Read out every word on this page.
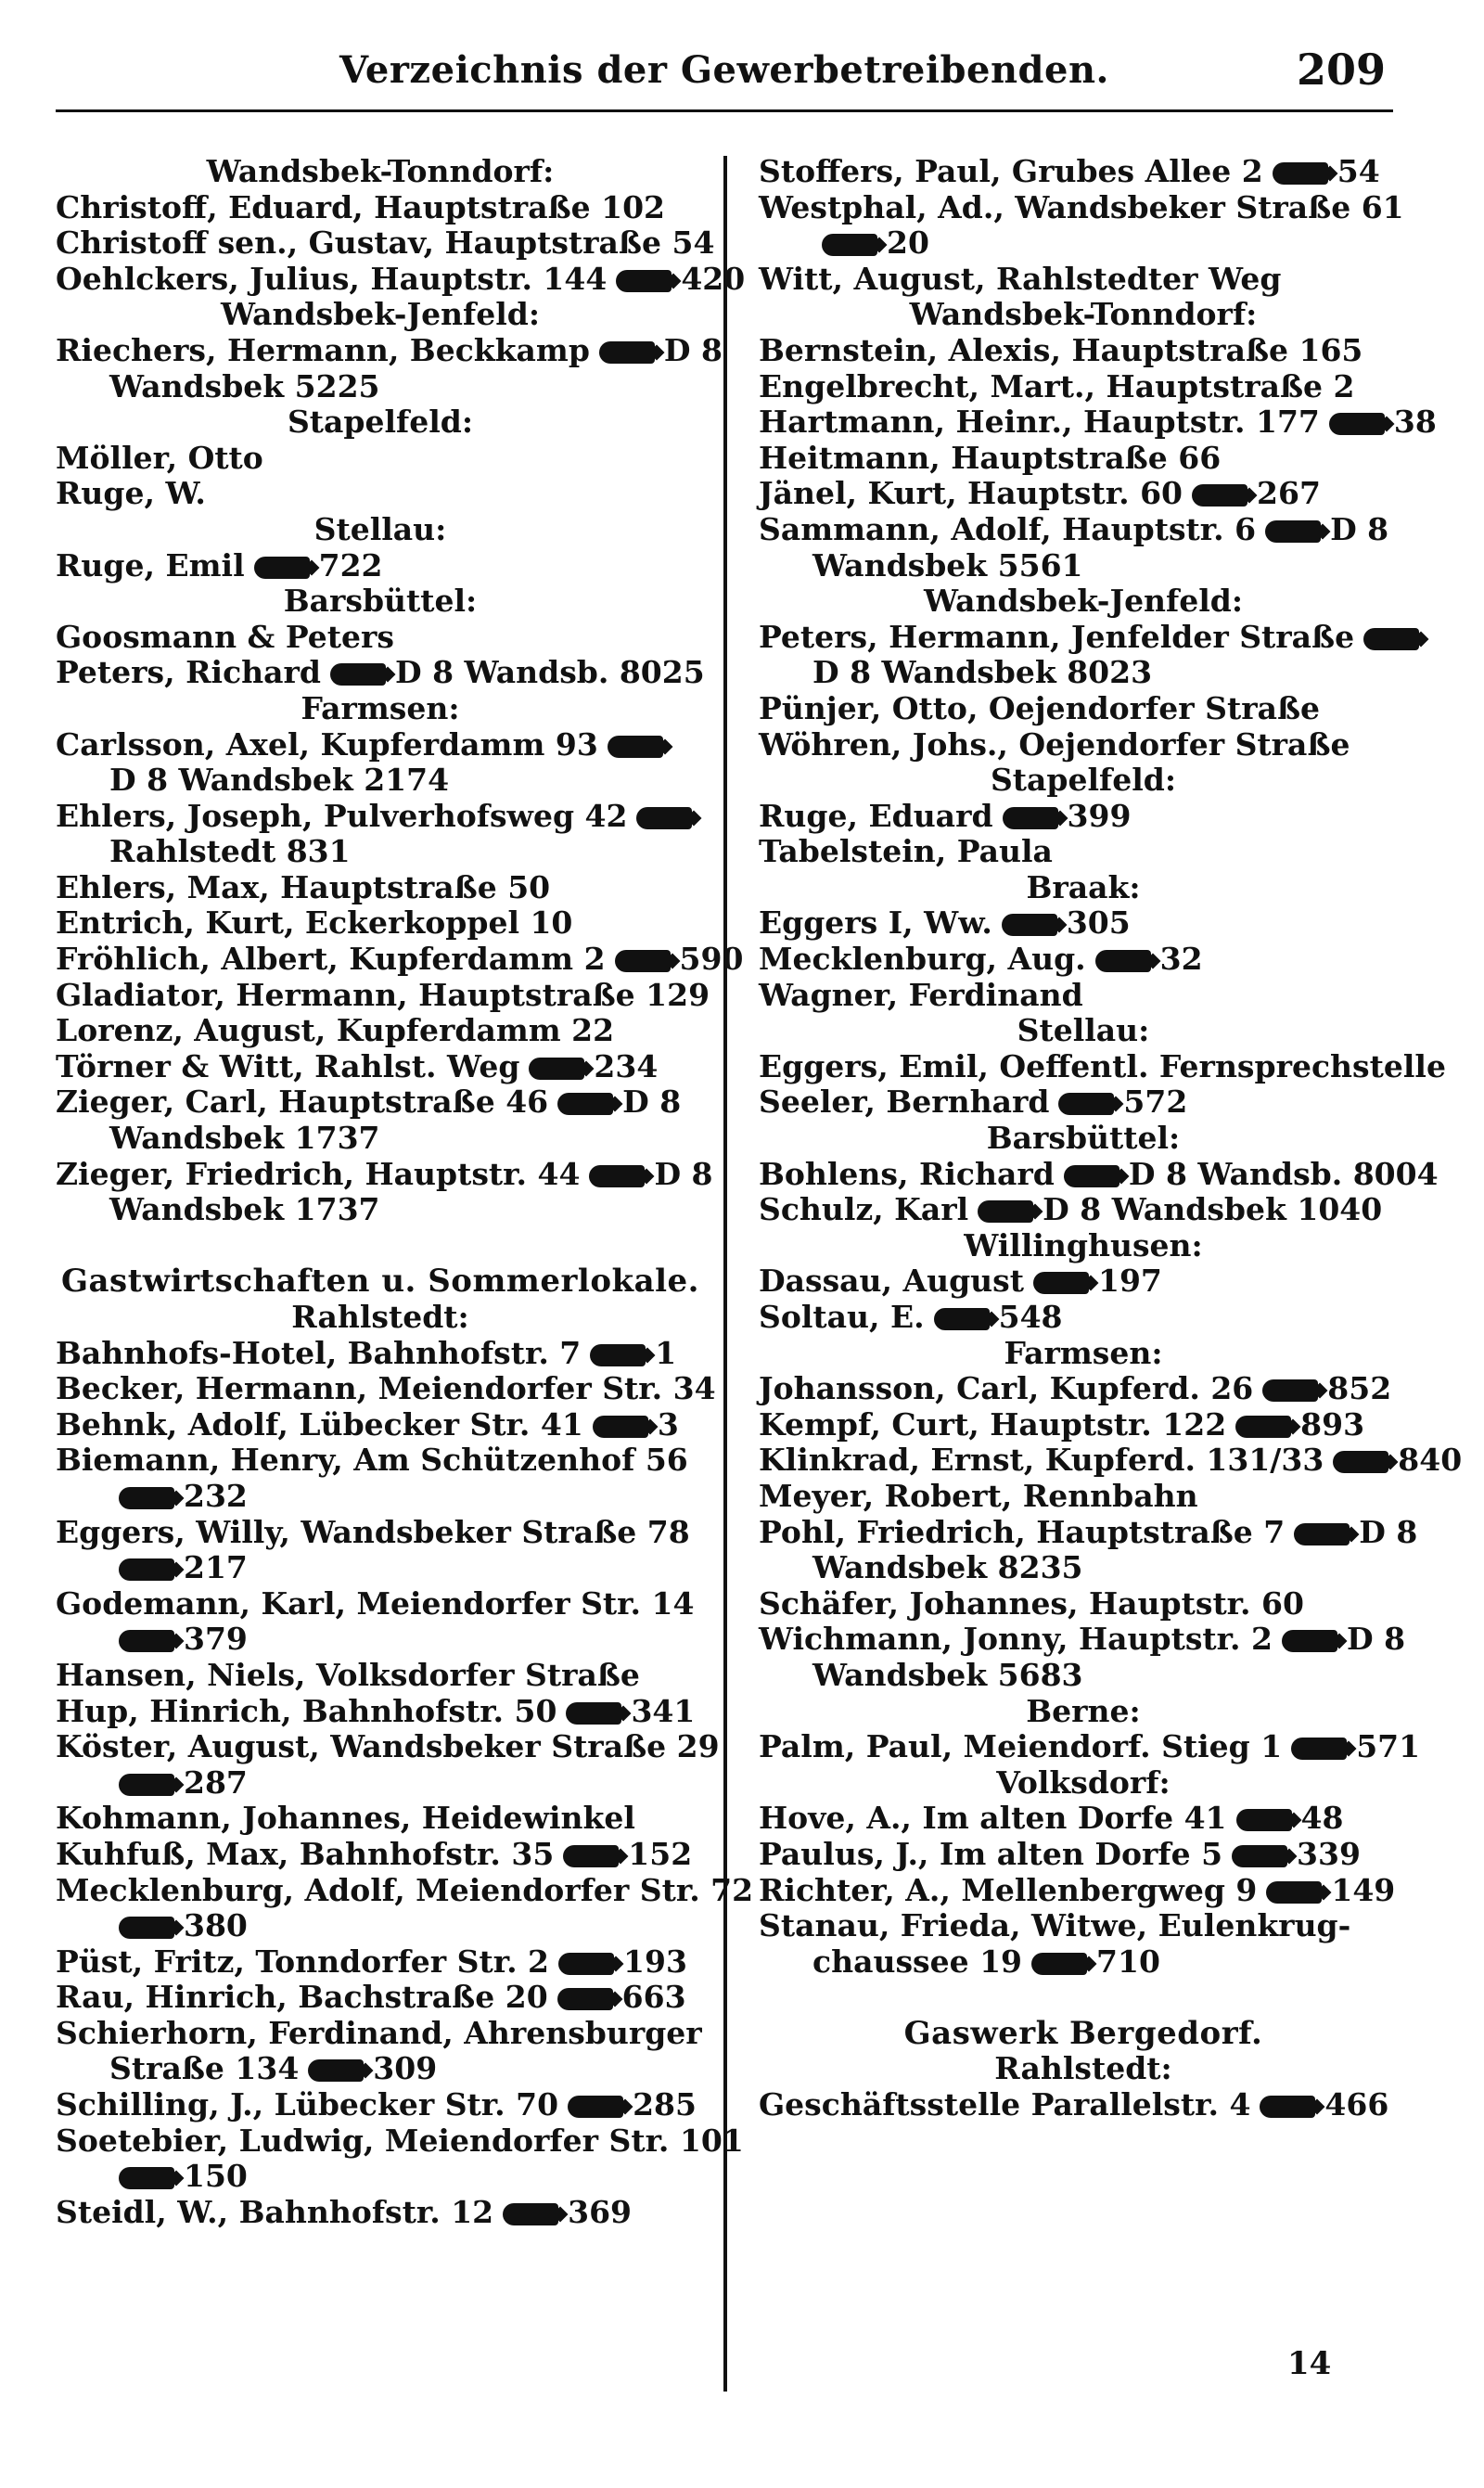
Verzeichnis der Gewerbetreibenden.	209
Wandsbek-Tonndorf:
Christoff, Eduard, Hauptstraße 102
Christoff sen., Gustav, Hauptstraße 54
Oehlckers, Julius, Hauptstr. 144 420
Wandsbek-Jenfeld:
Riechers, Hermann, Beckkamp D 8
Wandsbek 5225
Stapelfeld:
Möller, Otto
Ruge, W.
Stellau:
Ruge, Emil 722
Barsbüttel:
Goosmann & Peters
Peters, Richard D 8 Wandsb. 8025
Farmsen:
Carlsson, Axel, Kupferdamm 93
D 8 Wandsbek 2174
Ehlers, Joseph, Pulverhofsweg 42
Rahlstedt 831
Ehlers, Max, Hauptstraße 50
Entrich, Kurt, Eckerkoppel 10
Fröhlich, Albert, Kupferdamm 2 590
Gladiator, Hermann, Hauptstraße 129
Lorenz, August, Kupferdamm 22
Törner & Witt, Rahlst. Weg 234
Zieger, Carl, Hauptstraße 46 D 8
Wandsbek 1737
Zieger, Friedrich, Hauptstr. 44 D 8
Wandsbek 1737
Gastwirtschaften u. Sommerlokale.
Rahlstedt:
Bahnhofs-Hotel, Bahnhofstr. 7 1
Becker, Hermann, Meiendorfer Str. 34
Behnk, Adolf, Lübecker Str. 41 3
Biemann, Henry, Am Schützenhof 56
232
Eggers, Willy, Wandsbeker Straße 78
217
Godemann, Karl, Meiendorfer Str. 14
379
Hansen, Niels, Volksdorfer Straße
Hup, Hinrich, Bahnhofstr. 50 341
Köster, August, Wandsbeker Straße 29
287
Kohmann, Johannes, Heidewinkel
Kuhfuß, Max, Bahnhofstr. 35 152
Mecklenburg, Adolf, Meiendorfer Str. 72
380
Püst, Fritz, Tonndorfer Str. 2 193
Rau, Hinrich, Bachstraße 20 663
Schierhorn, Ferdinand, Ahrensburger
Straße 134 309
Schilling, J., Lübecker Str. 70 285
Soetebier, Ludwig, Meiendorfer Str. 101
150
Steidl, W., Bahnhofstr. 12 369
Stoffers, Paul, Grubes Allee 2 54
Westphal, Ad., Wandsbeker Straße 61
20
Witt, August, Rahlstedter Weg
Wandsbek-Tonndorf:
Bernstein, Alexis, Hauptstraße 165
Engelbrecht, Mart., Hauptstraße 2
Hartmann, Heinr., Hauptstr. 177 38
Heitmann, Hauptstraße 66
Jänel, Kurt, Hauptstr. 60 267
Sammann, Adolf, Hauptstr. 6 D 8
Wandsbek 5561
Wandsbek-Jenfeld:
Peters, Hermann, Jenfelder Straße
D 8 Wandsbek 8023
Pünjer, Otto, Oejendorfer Straße
Wöhren, Johs., Oejendorfer Straße
Stapelfeld:
Ruge, Eduard 399
Tabelstein, Paula
Braak:
Eggers I, Ww. 305
Mecklenburg, Aug. 32
Wagner, Ferdinand
Stellau:
Eggers, Emil, Oeffentl. Fernsprechstelle
Seeler, Bernhard 572
Barsbüttel:
Bohlens, Richard D 8 Wandsb. 8004
Schulz, Karl D 8 Wandsbek 1040
Willinghusen:
Dassau, August 197
Soltau, E. 548
Farmsen:
Johansson, Carl, Kupferd. 26 852
Kempf, Curt, Hauptstr. 122 893
Klinkrad, Ernst, Kupferd. 131/33 840
Meyer, Robert, Rennbahn
Pohl, Friedrich, Hauptstraße 7 D 8
Wandsbek 8235
Schäfer, Johannes, Hauptstr. 60
Wichmann, Jonny, Hauptstr. 2 D 8
Wandsbek 5683
Berne:
Palm, Paul, Meiendorf. Stieg 1 571
Volksdorf:
Hove, A., Im alten Dorfe 41 48
Paulus, J., Im alten Dorfe 5 339
Richter, A., Mellenbergweg 9 149
Stanau, Frieda, Witwe, Eulenkrug-
chaussee 19 710
Gaswerk Bergedorf.
Rahlstedt:
Geschäftsstelle Parallelstr. 4 466
14
